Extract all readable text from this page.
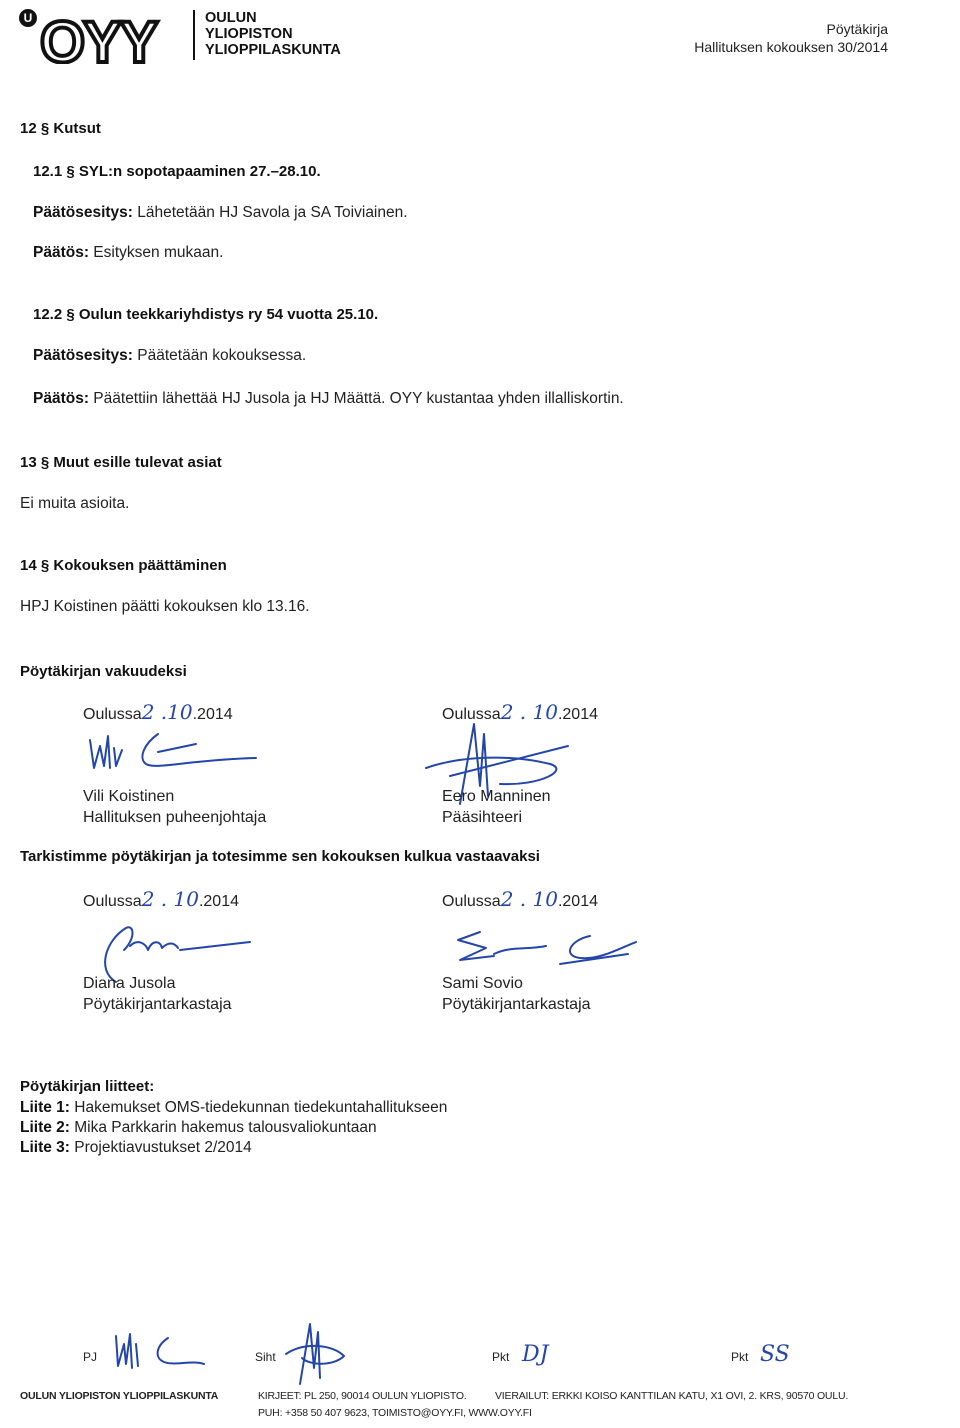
U OYY	OULUN
YLIOPISTON
YLIOPPILASKUNTA
Pöytäkirja
Hallituksen kokouksen 30/2014
12 § Kutsut
12.1 § SYL:n sopotapaaminen 27.–28.10.
Päätösesitys: Lähetetään HJ Savola ja SA Toiviainen.
Päätös: Esityksen mukaan.
12.2 § Oulun teekkariyhdistys ry 54 vuotta 25.10.
Päätösesitys: Päätetään kokouksessa.
Päätös: Päätettiin lähettää HJ Jusola ja HJ Määttä. OYY kustantaa yhden illalliskortin.
13 § Muut esille tulevat asiat
Ei muita asioita.
14 § Kokouksen päättäminen
HPJ Koistinen päätti kokouksen klo 13.16.
Pöytäkirjan vakuudeksi
Oulussa2 .10.2014	Oulussa2 . 10.2014
Vili Koistinen
Hallituksen puheenjohtaja
Eero Manninen
Pääsihteeri
Tarkistimme pöytäkirjan ja totesimme sen kokouksen kulkua vastaavaksi
Oulussa2 . 10.2014	Oulussa2 . 10.2014
Diana Jusola
Pöytäkirjantarkastaja
Sami Sovio
Pöytäkirjantarkastaja
Pöytäkirjan liitteet:
Liite 1: Hakemukset OMS-tiedekunnan tiedekuntahallitukseen
Liite 2: Mika Parkkarin hakemus talousvaliokuntaan
Liite 3: Projektiavustukset 2/2014
PJ	Siht	Pkt DJ	Pkt SS
OULUN YLIOPISTON YLIOPPILASKUNTA	KIRJEET: PL 250, 90014 OULUN YLIOPISTO.	VIERAILUT: ERKKI KOISO KANTTILAN KATU, X1 OVI, 2. KRS, 90570 OULU.
PUH: +358 50 407 9623, TOIMISTO@OYY.FI, WWW.OYY.FI
